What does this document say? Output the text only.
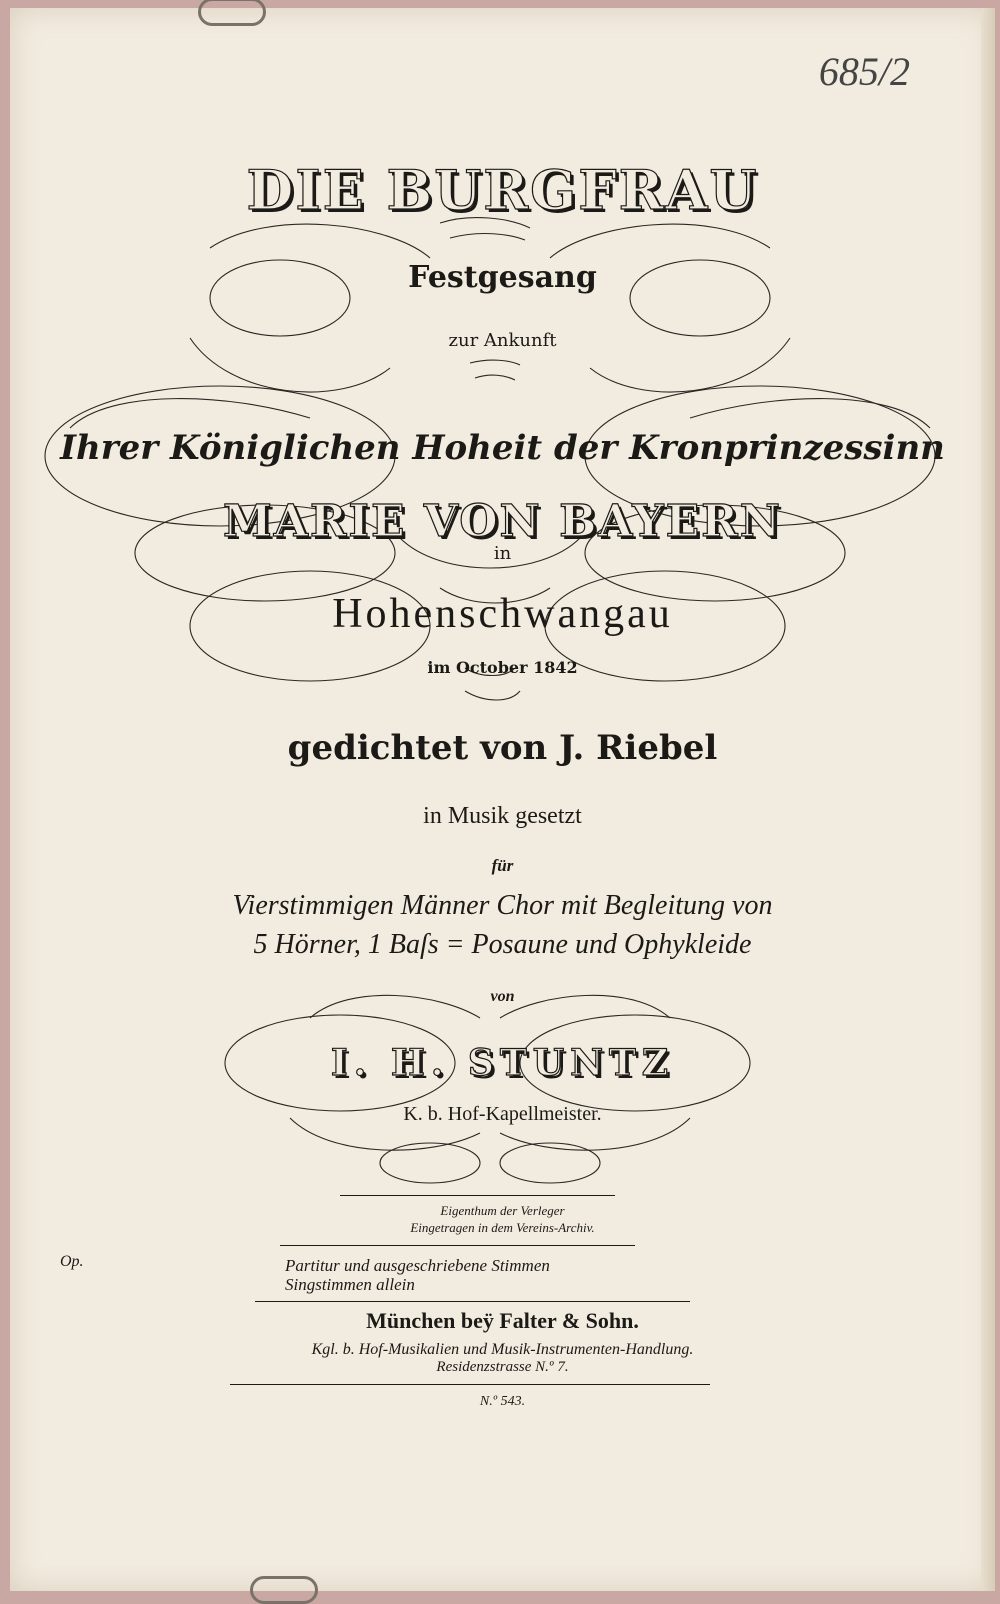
685/2
DIE BURGFRAU
Festgesang
zur Ankunft
Ihrer Königlichen Hoheit der Kronprinzessinn
MARIE VON BAYERN
in
Hohenschwangau
im October 1842
gedichtet von J. Riebel
in Musik gesetzt
für
Vierstimmigen Männer Chor mit Begleitung von
5 Hörner, 1 Baſs = Posaune und Ophykleide
von
I. H. STUNTZ
K. b. Hof-Kapellmeister.
Eigenthum der Verleger
Eingetragen in dem Vereins-Archiv.
Op.	Partitur und ausgeschriebene Stimmen
Singstimmen allein
München beӱ Falter & Sohn.
Kgl. b. Hof-Musikalien und Musik-Instrumenten-Handlung.
Residenzstrasse N.º 7.
N.º 543.
